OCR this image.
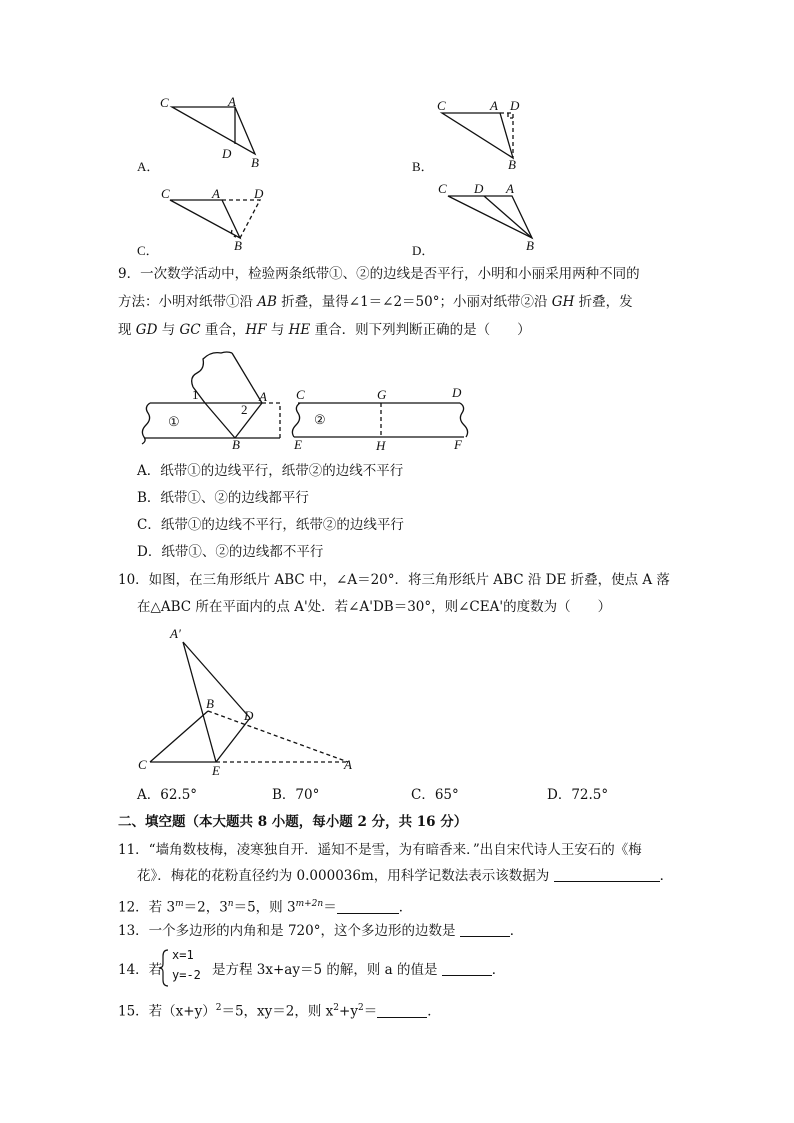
C	A
D
B
A．
C	A D
B
B．
C	A	D
B
C．
C D A
B
D．
9．一次数学活动中，检验两条纸带①、②的边线是否平行，小明和小丽采用两种不同的
方法：小明对纸带①沿 AB 折叠，量得∠1＝∠2＝50°；小丽对纸带②沿 GH 折叠，发
现 GD 与 GC 重合，HF 与 HE 重合．则下列判断正确的是（　　）
①
1
2
A
B
②
C	G	D
E	H	F
A．纸带①的边线平行，纸带②的边线不平行
B．纸带①、②的边线都平行
C．纸带①的边线不平行，纸带②的边线平行
D．纸带①、②的边线都不平行
10．如图，在三角形纸片 ABC 中，∠A＝20°．将三角形纸片 ABC 沿 DE 折叠，使点 A 落
在△ABC 所在平面内的点 A'处．若∠A'DB＝30°，则∠CEA'的度数为（　　）
A′
B
D
C	E	A
A．62.5°	B．70°	C．65°	D．72.5°
二、填空题（本大题共 8 小题，每小题 2 分，共 16 分）
11．“墙角数枝梅，凌寒独自开．遥知不是雪，为有暗香来．”出自宋代诗人王安石的《梅
花》．梅花的花粉直径约为 0.000036m，用科学记数法表示该数据为	．
12．若 $3^m=2$，$3^n=5$，则 $3^{m+2n}=$	．
13．一个多边形的内角和是 720°，这个多边形的边数是	．
14．若
x=1
y=-2 是方程 3x+ay＝5 的解，则 a 的值是	．
15．若$(x+y)^2=5$，xy＝2，则 $x^2+y^2=$	．
